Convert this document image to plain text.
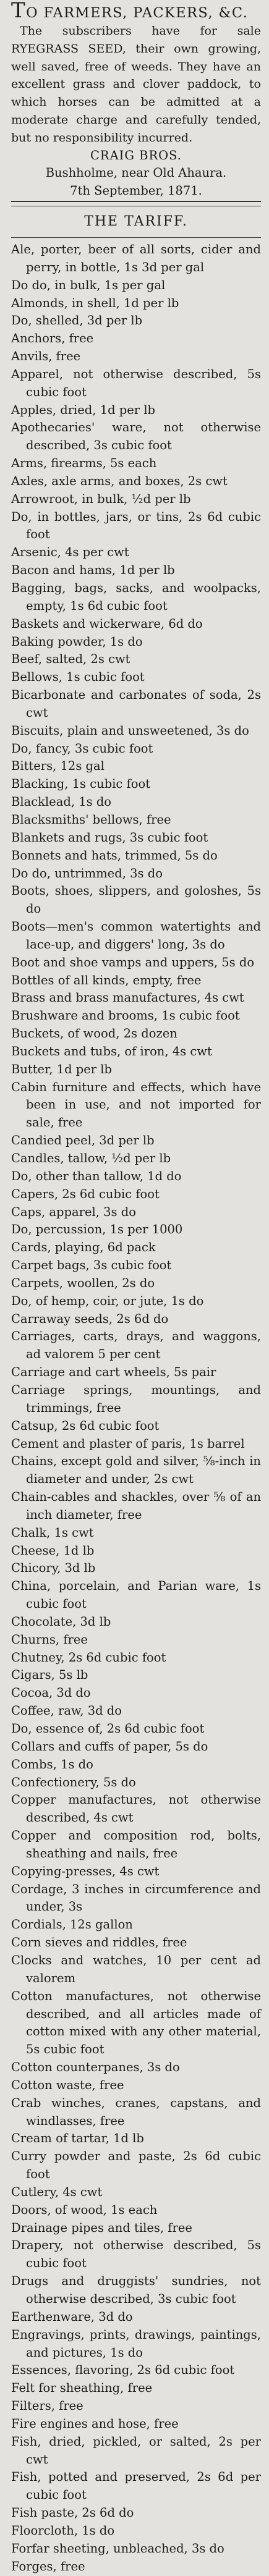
TO FARMERS, PACKERS, &C.

The subscribers have for sale RYEGRASS SEED, their own growing, well saved, free of weeds. They have an excellent grass and clover paddock, to which horses can be admitted at a moderate charge and carefully tended, but no responsibility incurred.

CRAIG BROS.
Bushholme, near Old Ahaura.
7th September, 1871.
THE TARIFF.
Ale, porter, beer of all sorts, cider and perry, in bottle, 1s 3d per gal
Do do, in bulk, 1s per gal
Almonds, in shell, 1d per lb
Do, shelled, 3d per lb
Anchors, free
Anvils, free
Apparel, not otherwise described, 5s cubic foot
Apples, dried, 1d per lb
Apothecaries' ware, not otherwise described, 3s cubic foot
Arms, firearms, 5s each
Axles, axle arms, and boxes, 2s cwt
Arrowroot, in bulk, ½d per lb
Do, in bottles, jars, or tins, 2s 6d cubic foot
Arsenic, 4s per cwt
Bacon and hams, 1d per lb
Bagging, bags, sacks, and woolpacks, empty, 1s 6d cubic foot
Baskets and wickerware, 6d do
Baking powder, 1s do
Beef, salted, 2s cwt
Bellows, 1s cubic foot
Bicarbonate and carbonates of soda, 2s cwt
Biscuits, plain and unsweetened, 3s do
Do, fancy, 3s cubic foot
Bitters, 12s gal
Blacking, 1s cubic foot
Blacklead, 1s do
Blacksmiths' bellows, free
Blankets and rugs, 3s cubic foot
Bonnets and hats, trimmed, 5s do
Do do, untrimmed, 3s do
Boots, shoes, slippers, and goloshes, 5s do
Boots—men's common watertights and lace-up, and diggers' long, 3s do
Boot and shoe vamps and uppers, 5s do
Bottles of all kinds, empty, free
Brass and brass manufactures, 4s cwt
Brushware and brooms, 1s cubic foot
Buckets, of wood, 2s dozen
Buckets and tubs, of iron, 4s cwt
Butter, 1d per lb
Cabin furniture and effects, which have been in use, and not imported for sale, free
Candied peel, 3d per lb
Candles, tallow, ½d per lb
Do, other than tallow, 1d do
Capers, 2s 6d cubic foot
Caps, apparel, 3s do
Do, percussion, 1s per 1000
Cards, playing, 6d pack
Carpet bags, 3s cubic foot
Carpets, woollen, 2s do
Do, of hemp, coir, or jute, 1s do
Carraway seeds, 2s 6d do
Carriages, carts, drays, and waggons, ad valorem 5 per cent
Carriage and cart wheels, 5s pair
Carriage springs, mountings, and trimmings, free
Catsup, 2s 6d cubic foot
Cement and plaster of paris, 1s barrel
Chains, except gold and silver, ⅝-inch in diameter and under, 2s cwt
Chain-cables and shackles, over ⅝ of an inch diameter, free
Chalk, 1s cwt
Cheese, 1d lb
Chicory, 3d lb
China, porcelain, and Parian ware, 1s cubic foot
Chocolate, 3d lb
Churns, free
Chutney, 2s 6d cubic foot
Cigars, 5s lb
Cocoa, 3d do
Coffee, raw, 3d do
Do, essence of, 2s 6d cubic foot
Collars and cuffs of paper, 5s do
Combs, 1s do
Confectionery, 5s do
Copper manufactures, not otherwise described, 4s cwt
Copper and composition rod, bolts, sheathing and nails, free
Copying-presses, 4s cwt
Cordage, 3 inches in circumference and under, 3s
Cordials, 12s gallon
Corn sieves and riddles, free
Clocks and watches, 10 per cent ad valorem
Cotton manufactures, not otherwise described, and all articles made of cotton mixed with any other material, 5s cubic foot
Cotton counterpanes, 3s do
Cotton waste, free
Crab winches, cranes, capstans, and windlasses, free
Cream of tartar, 1d lb
Curry powder and paste, 2s 6d cubic foot
Cutlery, 4s cwt
Doors, of wood, 1s each
Drainage pipes and tiles, free
Drapery, not otherwise described, 5s cubic foot
Drugs and druggists' sundries, not otherwise described, 3s cubic foot
Earthenware, 3d do
Engravings, prints, drawings, paintings, and pictures, 1s do
Essences, flavoring, 2s 6d cubic foot
Felt for sheathing, free
Filters, free
Fire engines and hose, free
Fish, dried, pickled, or salted, 2s per cwt
Fish, potted and preserved, 2s 6d per cubic foot
Fish paste, 2s 6d do
Floorcloth, 1s do
Forfar sheeting, unbleached, 3s do
Forges, free
